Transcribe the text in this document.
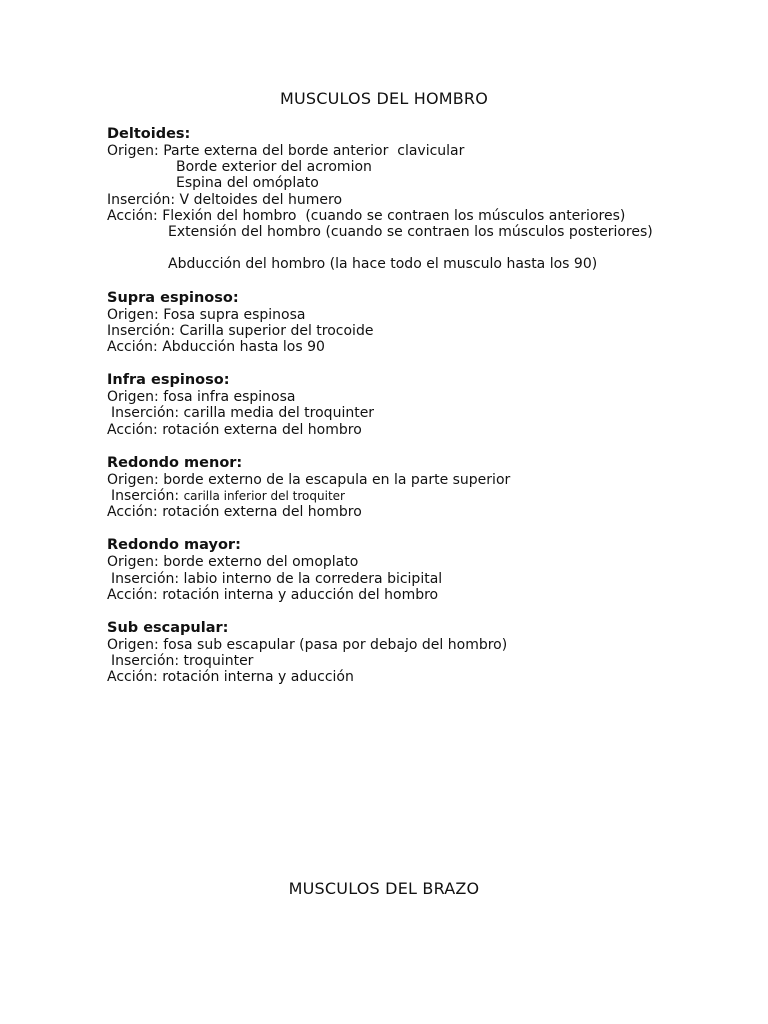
MUSCULOS DEL HOMBRO
Deltoides:
Origen: Parte externa del borde anterior  clavicular
Borde exterior del acromion
Espina del omóplato
Inserción: V deltoides del humero
Acción: Flexión del hombro  (cuando se contraen los músculos anteriores)
Extensión del hombro (cuando se contraen los músculos posteriores)
Abducción del hombro (la hace todo el musculo hasta los 90)
Supra espinoso:
Origen: Fosa supra espinosa
Inserción: Carilla superior del trocoide
Acción: Abducción hasta los 90
Infra espinoso:
Origen: fosa infra espinosa
Inserción: carilla media del troquinter
Acción: rotación externa del hombro
Redondo menor:
Origen: borde externo de la escapula en la parte superior
Inserción: carilla inferior del troquiter
Acción: rotación externa del hombro
Redondo mayor:
Origen: borde externo del omoplato
Inserción: labio interno de la corredera bicipital
Acción: rotación interna y aducción del hombro
Sub escapular:
Origen: fosa sub escapular (pasa por debajo del hombro)
Inserción: troquinter
Acción: rotación interna y aducción
MUSCULOS DEL BRAZO
